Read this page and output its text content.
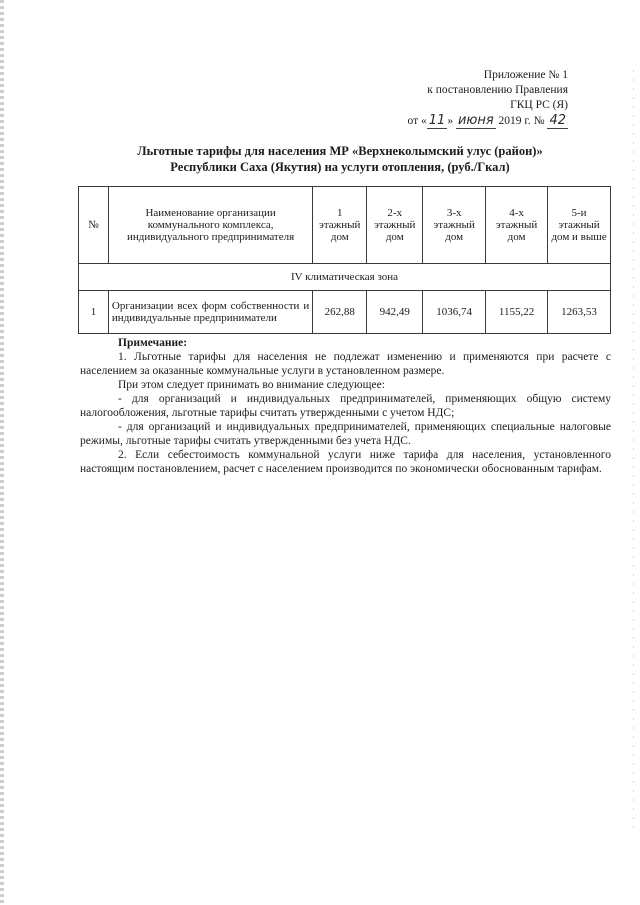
Приложение № 1
к постановлению Правления
ГКЦ РС (Я)
от « 11 » июня 2019 г. № 42
Льготные тарифы для населения МР «Верхнеколымский улус (район)»
Республики Саха (Якутия) на услуги отопления, (руб./Гкал)
№	Наименование организации коммунального комплекса, индивидуального предпринимателя	1 этажный дом	2-х этажный дом	3-х этажный дом	4-х этажный дом	5-и этажный дом и выше
IV климатическая зона						
1	Организации всех форм собственности и индивидуальные предприниматели	262,88	942,49	1036,74	1155,22	1263,53

Примечание:

1. Льготные тарифы для населения не подлежат изменению и применяются при расчете с населением за оказанные коммунальные услуги в установленном размере.

При этом следует принимать во внимание следующее:

- для организаций и индивидуальных предпринимателей, применяющих общую систему налогообложения, льготные тарифы считать утвержденными с учетом НДС;

- для организаций и индивидуальных предпринимателей, применяющих специальные налоговые режимы, льготные тарифы считать утвержденными без учета НДС.

2. Если себестоимость коммунальной услуги ниже тарифа для населения, установленного настоящим постановлением, расчет с населением производится по экономически обоснованным тарифам.
